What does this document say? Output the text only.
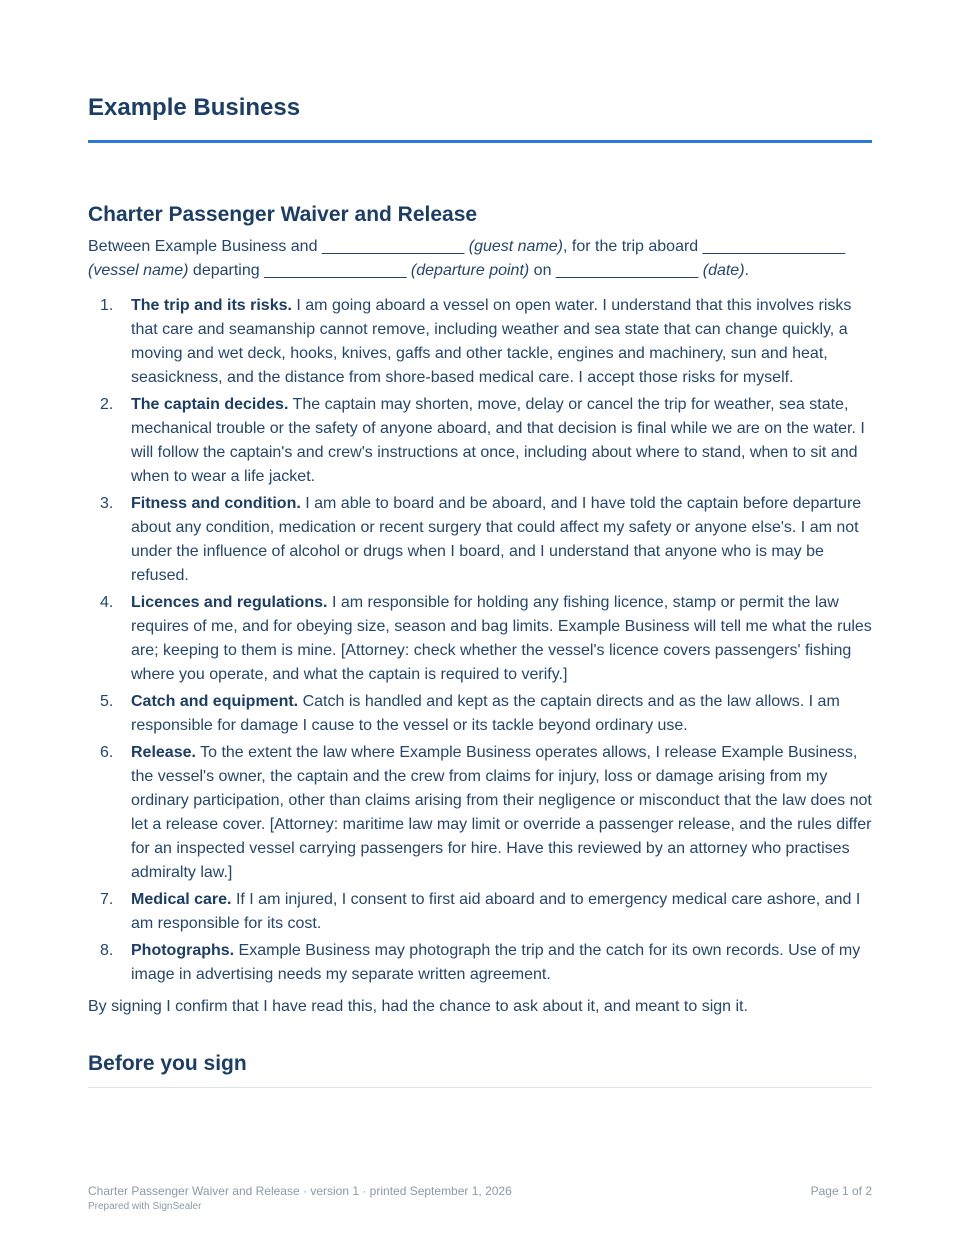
Example Business
Charter Passenger Waiver and Release

Between Example Business and ________________ (guest name), for the trip aboard ________________ (vessel name) departing ________________ (departure point) on ________________ (date).

1. The trip and its risks. I am going aboard a vessel on open water. I understand that this involves risks that care and seamanship cannot remove, including weather and sea state that can change quickly, a moving and wet deck, hooks, knives, gaffs and other tackle, engines and machinery, sun and heat, seasickness, and the distance from shore-based medical care. I accept those risks for myself.
2. The captain decides. The captain may shorten, move, delay or cancel the trip for weather, sea state, mechanical trouble or the safety of anyone aboard, and that decision is final while we are on the water. I will follow the captain's and crew's instructions at once, including about where to stand, when to sit and when to wear a life jacket.
3. Fitness and condition. I am able to board and be aboard, and I have told the captain before departure about any condition, medication or recent surgery that could affect my safety or anyone else's. I am not under the influence of alcohol or drugs when I board, and I understand that anyone who is may be refused.
4. Licences and regulations. I am responsible for holding any fishing licence, stamp or permit the law requires of me, and for obeying size, season and bag limits. Example Business will tell me what the rules are; keeping to them is mine. [Attorney: check whether the vessel's licence covers passengers' fishing where you operate, and what the captain is required to verify.]
5. Catch and equipment. Catch is handled and kept as the captain directs and as the law allows. I am responsible for damage I cause to the vessel or its tackle beyond ordinary use.
6. Release. To the extent the law where Example Business operates allows, I release Example Business, the vessel's owner, the captain and the crew from claims for injury, loss or damage arising from my ordinary participation, other than claims arising from their negligence or misconduct that the law does not let a release cover. [Attorney: maritime law may limit or override a passenger release, and the rules differ for an inspected vessel carrying passengers for hire. Have this reviewed by an attorney who practises admiralty law.]
7. Medical care. If I am injured, I consent to first aid aboard and to emergency medical care ashore, and I am responsible for its cost.
8. Photographs. Example Business may photograph the trip and the catch for its own records. Use of my image in advertising needs my separate written agreement.

By signing I confirm that I have read this, had the chance to ask about it, and meant to sign it.

Before you sign
Charter Passenger Waiver and Release · version 1 · printed September 1, 2026
Prepared with SignSealer
Page 1 of 2
